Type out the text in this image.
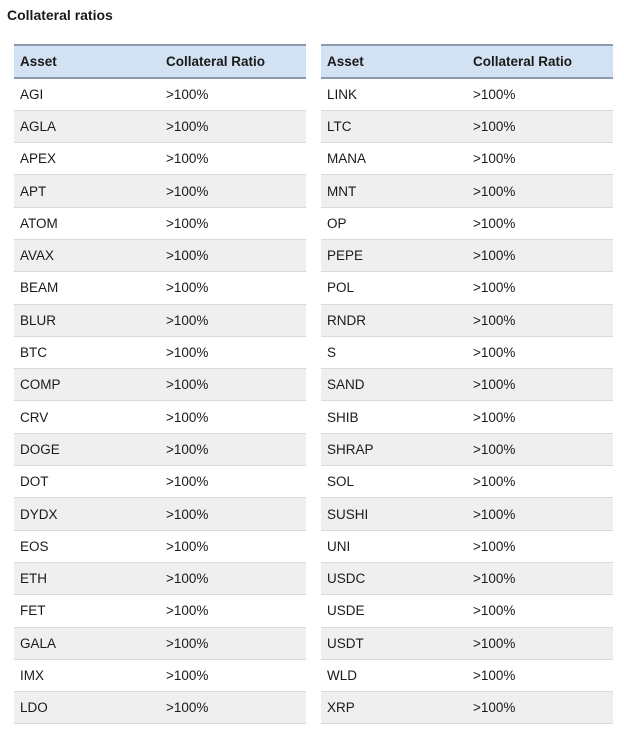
Collateral ratios
Asset	Collateral Ratio
AGI	>100%
AGLA	>100%
APEX	>100%
APT	>100%
ATOM	>100%
AVAX	>100%
BEAM	>100%
BLUR	>100%
BTC	>100%
COMP	>100%
CRV	>100%
DOGE	>100%
DOT	>100%
DYDX	>100%
EOS	>100%
ETH	>100%
FET	>100%
GALA	>100%
IMX	>100%
LDO	>100%
Asset	Collateral Ratio
LINK	>100%
LTC	>100%
MANA	>100%
MNT	>100%
OP	>100%
PEPE	>100%
POL	>100%
RNDR	>100%
S	>100%
SAND	>100%
SHIB	>100%
SHRAP	>100%
SOL	>100%
SUSHI	>100%
UNI	>100%
USDC	>100%
USDE	>100%
USDT	>100%
WLD	>100%
XRP	>100%
